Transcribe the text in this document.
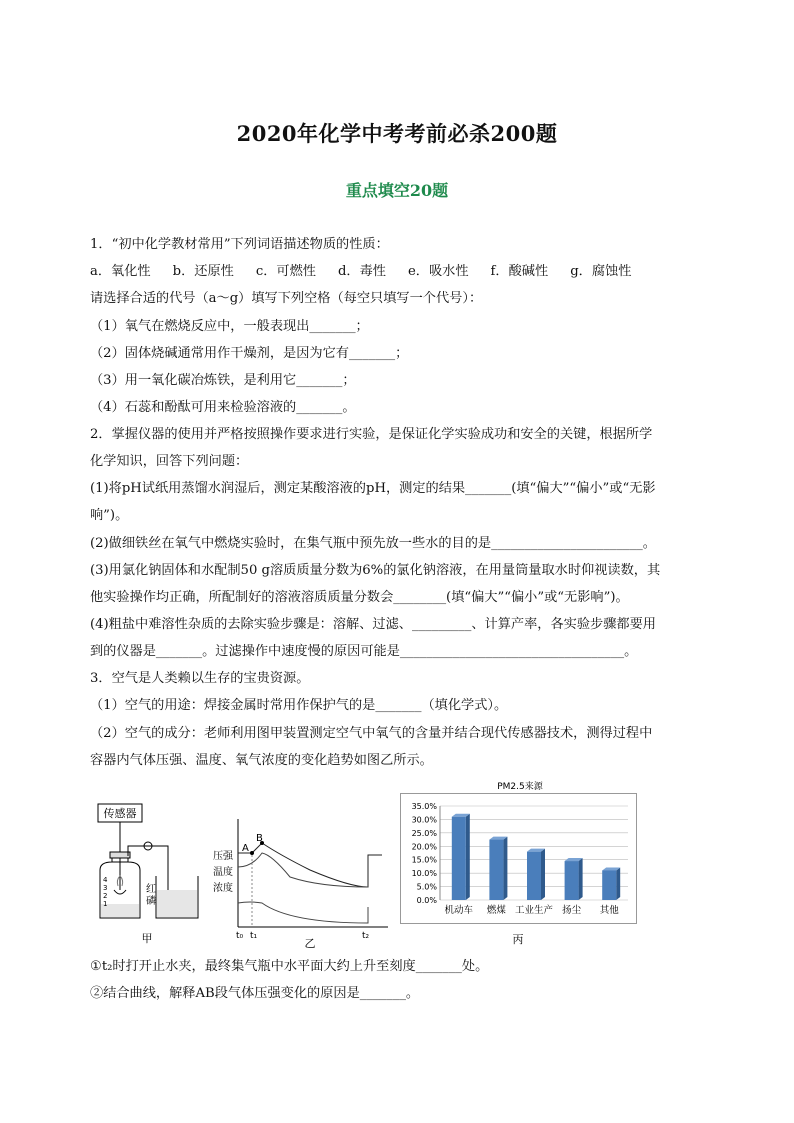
2020年化学中考考前必杀200题
重点填空20题
1．“初中化学教材常用”下列词语描述物质的性质：
a．氧化性 b．还原性 c．可燃性 d．毒性 e．吸水性 f．酸碱性 g．腐蚀性
请选择合适的代号（a～g）填写下列空格（每空只填写一个代号）：
（1）氧气在燃烧反应中，一般表现出_______；
（2）固体烧碱通常用作干燥剂，是因为它有_______；
（3）用一氧化碳冶炼铁，是利用它_______；
（4）石蕊和酚酞可用来检验溶液的_______。
2．掌握仪器的使用并严格按照操作要求进行实验，是保证化学实验成功和安全的关键，根据所学
化学知识，回答下列问题：
(1)将pH试纸用蒸馏水润湿后，测定某酸溶液的pH，测定的结果_______(填“偏大”“偏小”或“无影
响”)。
(2)做细铁丝在氧气中燃烧实验时，在集气瓶中预先放一些水的目的是_______________________。
(3)用氯化钠固体和水配制50 g溶质质量分数为6%的氯化钠溶液，在用量筒量取水时仰视读数，其
他实验操作均正确，所配制好的溶液溶质质量分数会________(填“偏大”“偏小”或“无影响”)。
(4)粗盐中难溶性杂质的去除实验步骤是：溶解、过滤、_________、计算产率，各实验步骤都要用
到的仪器是_______。过滤操作中速度慢的原因可能是__________________________________。
3．空气是人类赖以生存的宝贵资源。
（1）空气的用途：焊接金属时常用作保护气的是_______（填化学式）。
（2）空气的成分：老师利用图甲装置测定空气中氧气的含量并结合现代传感器技术，测得过程中
容器内气体压强、温度、氧气浓度的变化趋势如图乙所示。
传感器
4
3
2
1
红 磷
甲
压强
温度
浓度
A
B
t₀ t₁	t₂
乙
PM2.5来源
0.0%
5.0%
10.0%
15.0%
20.0%
25.0%
30.0%
35.0%
机动车 燃煤 工业生产 扬尘 其他
丙
①t₂时打开止水夹，最终集气瓶中水平面大约上升至刻度_______处。
②结合曲线，解释AB段气体压强变化的原因是_______。
